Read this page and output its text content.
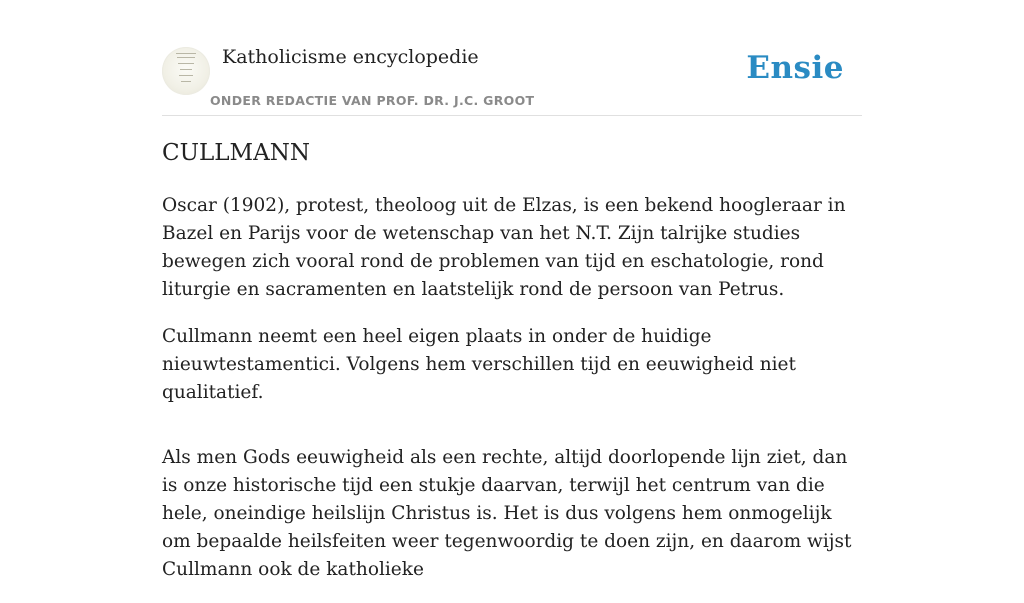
Katholicisme encyclopedie
ONDER REDACTIE VAN PROF. DR. J.C. GROOT
Ensie
CULLMANN

Oscar (1902), protest, theoloog uit de Elzas, is een bekend hoogleraar in Bazel en Parijs voor de wetenschap van het N.T. Zijn talrijke studies bewegen zich vooral rond de problemen van tijd en eschatologie, rond liturgie en sacramenten en laatstelijk rond de persoon van Petrus.

Cullmann neemt een heel eigen plaats in onder de huidige nieuwtestamentici. Volgens hem verschillen tijd en eeuwigheid niet qualitatief.

Als men Gods eeuwigheid als een rechte, altijd doorlopende lijn ziet, dan is onze historische tijd een stukje daarvan, terwijl het centrum van die hele, oneindige heilslijn Christus is. Het is dus volgens hem onmogelijk om bepaalde heilsfeiten weer tegenwoordig te doen zijn, en daarom wijst Cullmann ook de katholieke
